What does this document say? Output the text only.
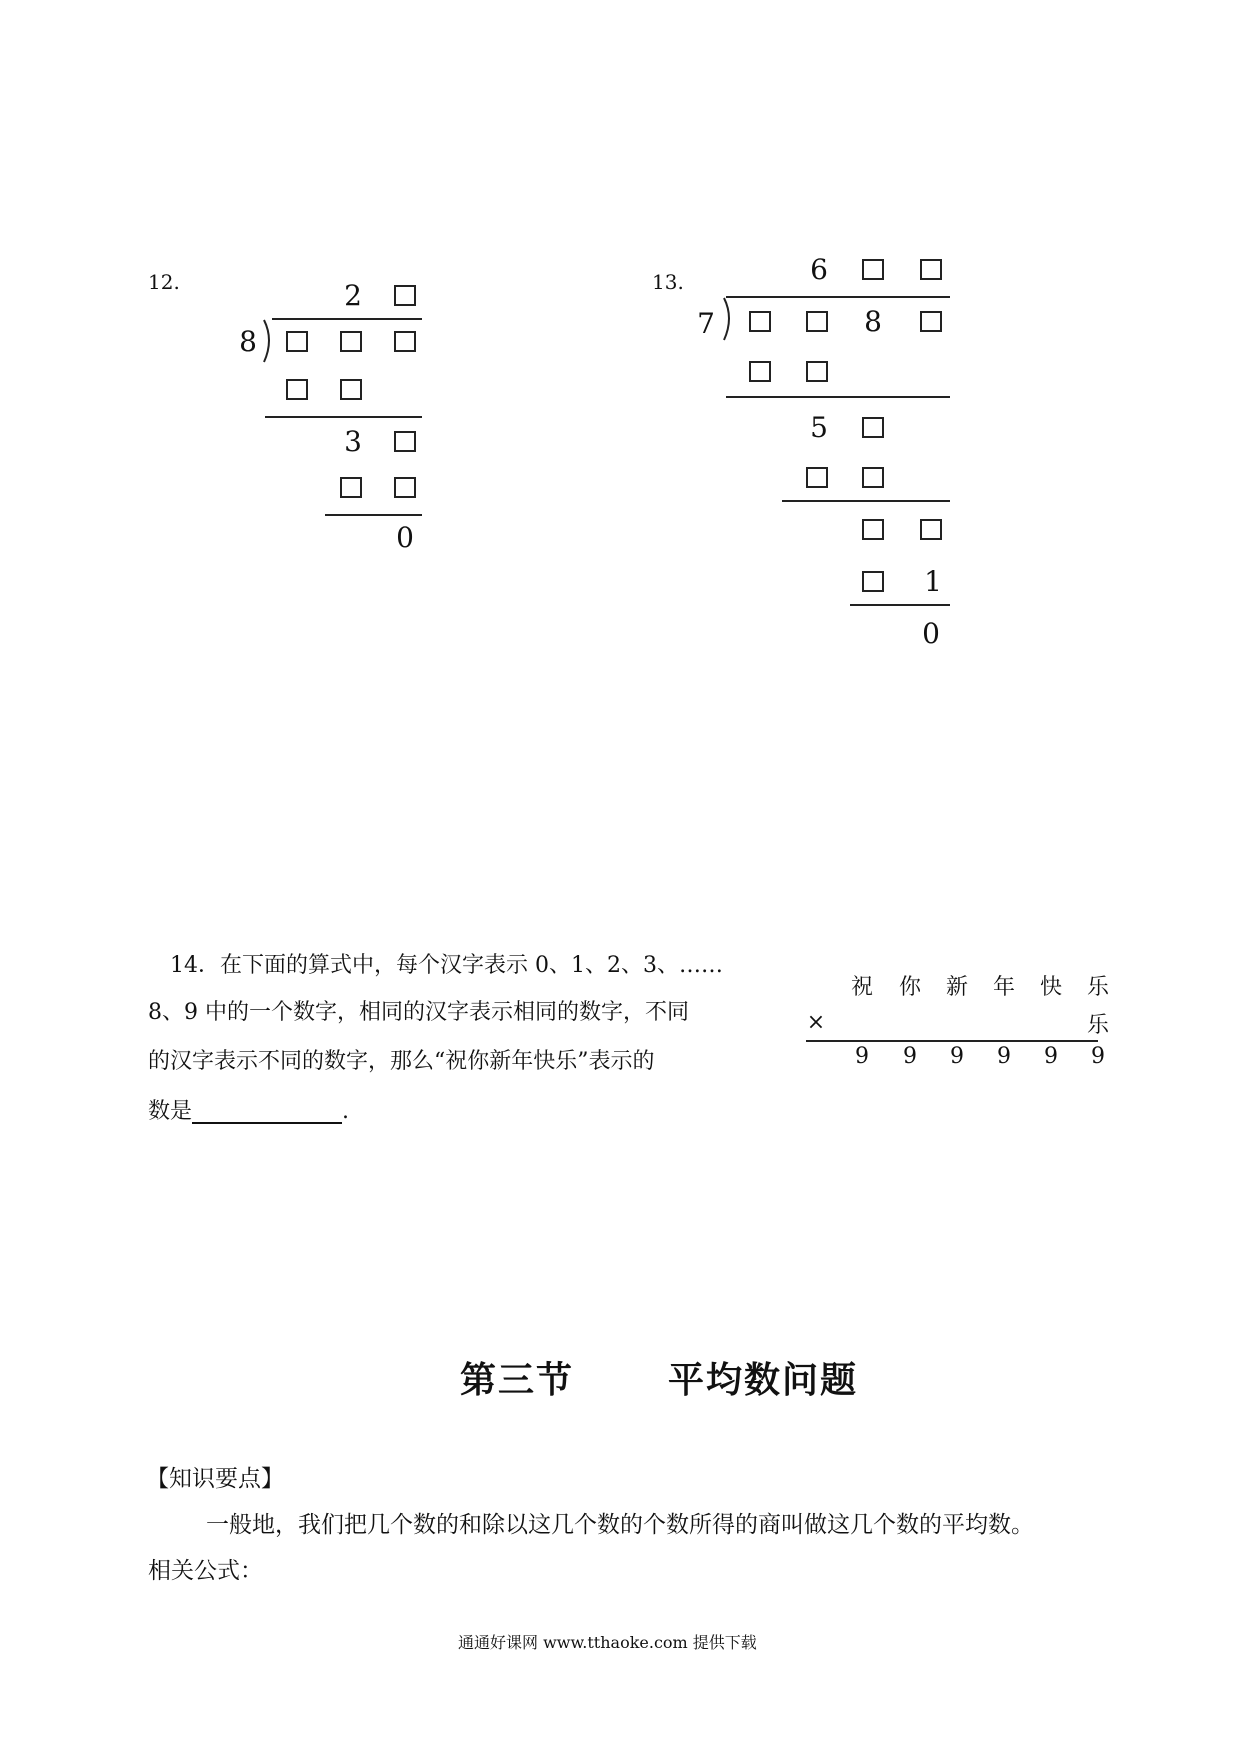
12.	2
8
3
0
13.	6
7	8
5
1
0
14．在下面的算式中，每个汉字表示 0、1、2、3、……
8、9 中的一个数字，相同的汉字表示相同的数字，不同
的汉字表示不同的数字，那么“祝你新年快乐”表示的
数是	.
祝	你	新	年	快	乐
×	乐
9	9	9	9	9	9
第三节	平均数问题
【知识要点】
一般地，我们把几个数的和除以这几个数的个数所得的商叫做这几个数的平均数。
相关公式：
通通好课网 www.tthaoke.com 提供下载
